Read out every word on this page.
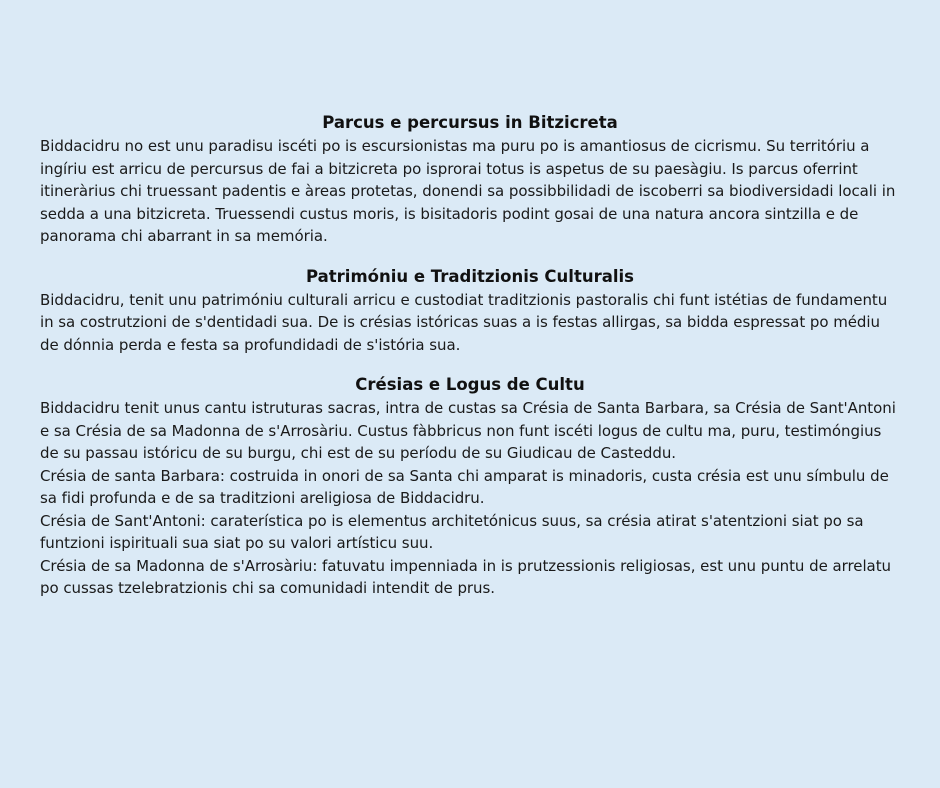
Parcus e percursus in Bitzicreta

Biddacidru no est unu paradisu iscéti po is escursionistas ma puru po is amantiosus de cicrismu. Su territóriu a ingíriu est arricu de percursus de fai a bitzicreta po isprorai totus is aspetus de su paesàgiu. Is parcus oferrint itineràrius chi truessant padentis e àreas protetas, donendi sa possibbilidadi de iscoberri sa biodiversidadi locali in sedda a una bitzicreta. Truessendi custus moris, is bisitadoris podint gosai de una natura ancora sintzilla e de panorama chi abarrant in sa memória.

Patrimóniu e Traditzionis Culturalis

Biddacidru, tenit unu patrimóniu culturali arricu e custodiat traditzionis pastoralis chi funt istétias de fundamentu in sa costrutzioni de s'dentidadi sua. De is crésias istóricas suas a is festas allirgas, sa bidda espressat po médiu de dónnia perda e festa sa profundidadi de s'istória sua.

Crésias e Logus de Cultu

Biddacidru tenit unus cantu istruturas sacras, intra de custas sa Crésia de Santa Barbara, sa Crésia de Sant'Antoni e sa Crésia de sa Madonna de s'Arrosàriu. Custus fàbbricus non funt iscéti logus de cultu ma, puru, testimóngius de su passau istóricu de su burgu, chi est de su períodu de su Giudicau de Casteddu.

Crésia de santa Barbara: costruida in onori de sa Santa chi amparat is minadoris, custa crésia est unu símbulu de sa fidi profunda e de sa traditzioni areligiosa de Biddacidru.

Crésia de Sant'Antoni: caraterística po is elementus architetónicus suus, sa crésia atirat s'atentzioni siat po sa funtzioni ispirituali sua siat po su valori artísticu suu.

Crésia de sa Madonna de s'Arrosàriu: fatuvatu impenniada in is prutzessionis religiosas, est unu puntu de arrelatu po cussas tzelebratzionis chi sa comunidadi intendit de prus.
